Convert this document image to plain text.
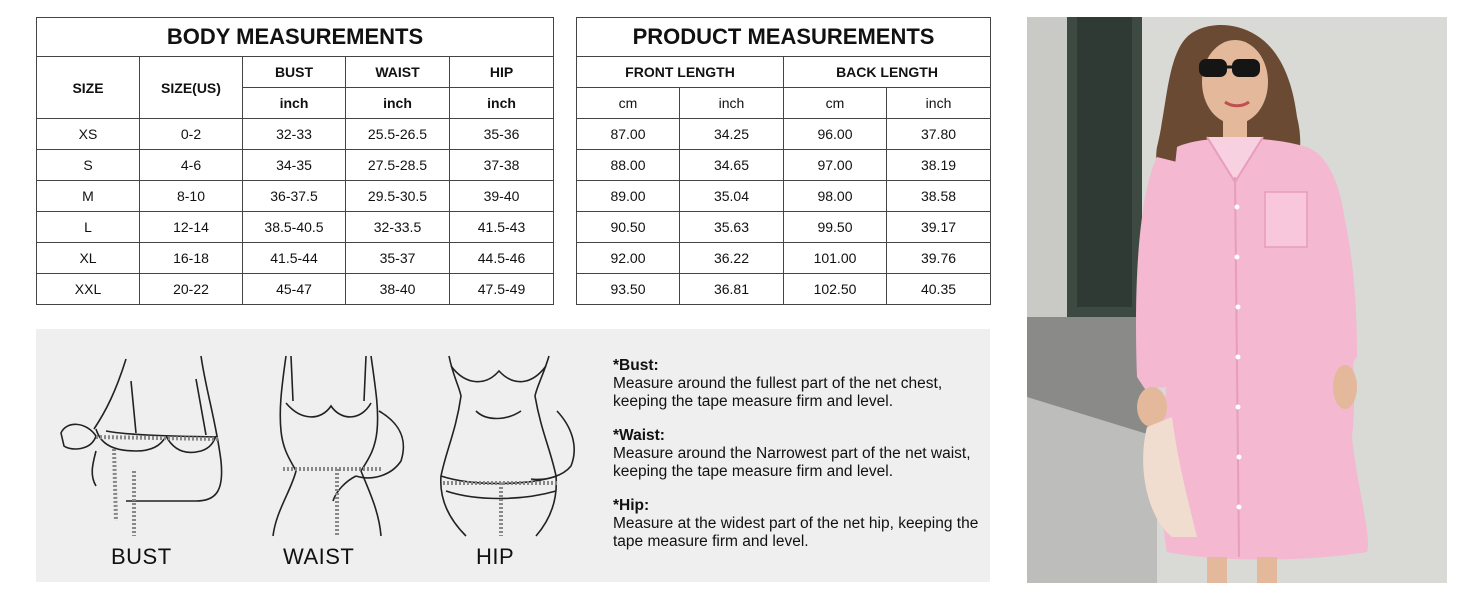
BODY MEASUREMENTS				
SIZE	SIZE(US)	BUST	WAIST	HIP
		inch	inch	inch
XS	0-2	32-33	25.5-26.5	35-36
S	4-6	34-35	27.5-28.5	37-38
M	8-10	36-37.5	29.5-30.5	39-40
L	12-14	38.5-40.5	32-33.5	41.5-43
XL	16-18	41.5-44	35-37	44.5-46
XXL	20-22	45-47	38-40	47.5-49
PRODUCT MEASUREMENTS			
FRONT LENGTH		BACK LENGTH	
cm	inch	cm	inch
87.00	34.25	96.00	37.80
88.00	34.65	97.00	38.19
89.00	35.04	98.00	38.58
90.50	35.63	99.50	39.17
92.00	36.22	101.00	39.76
93.50	36.81	102.50	40.35
BUST	WAIST	HIP
*Bust:
Measure around the fullest part of the net chest, keeping the tape measure firm and level.
*Waist:
Measure around the Narrowest part of the net waist, keeping the tape measure firm and level.
*Hip:
Measure at the widest part of the net hip, keeping the tape measure firm and level.
